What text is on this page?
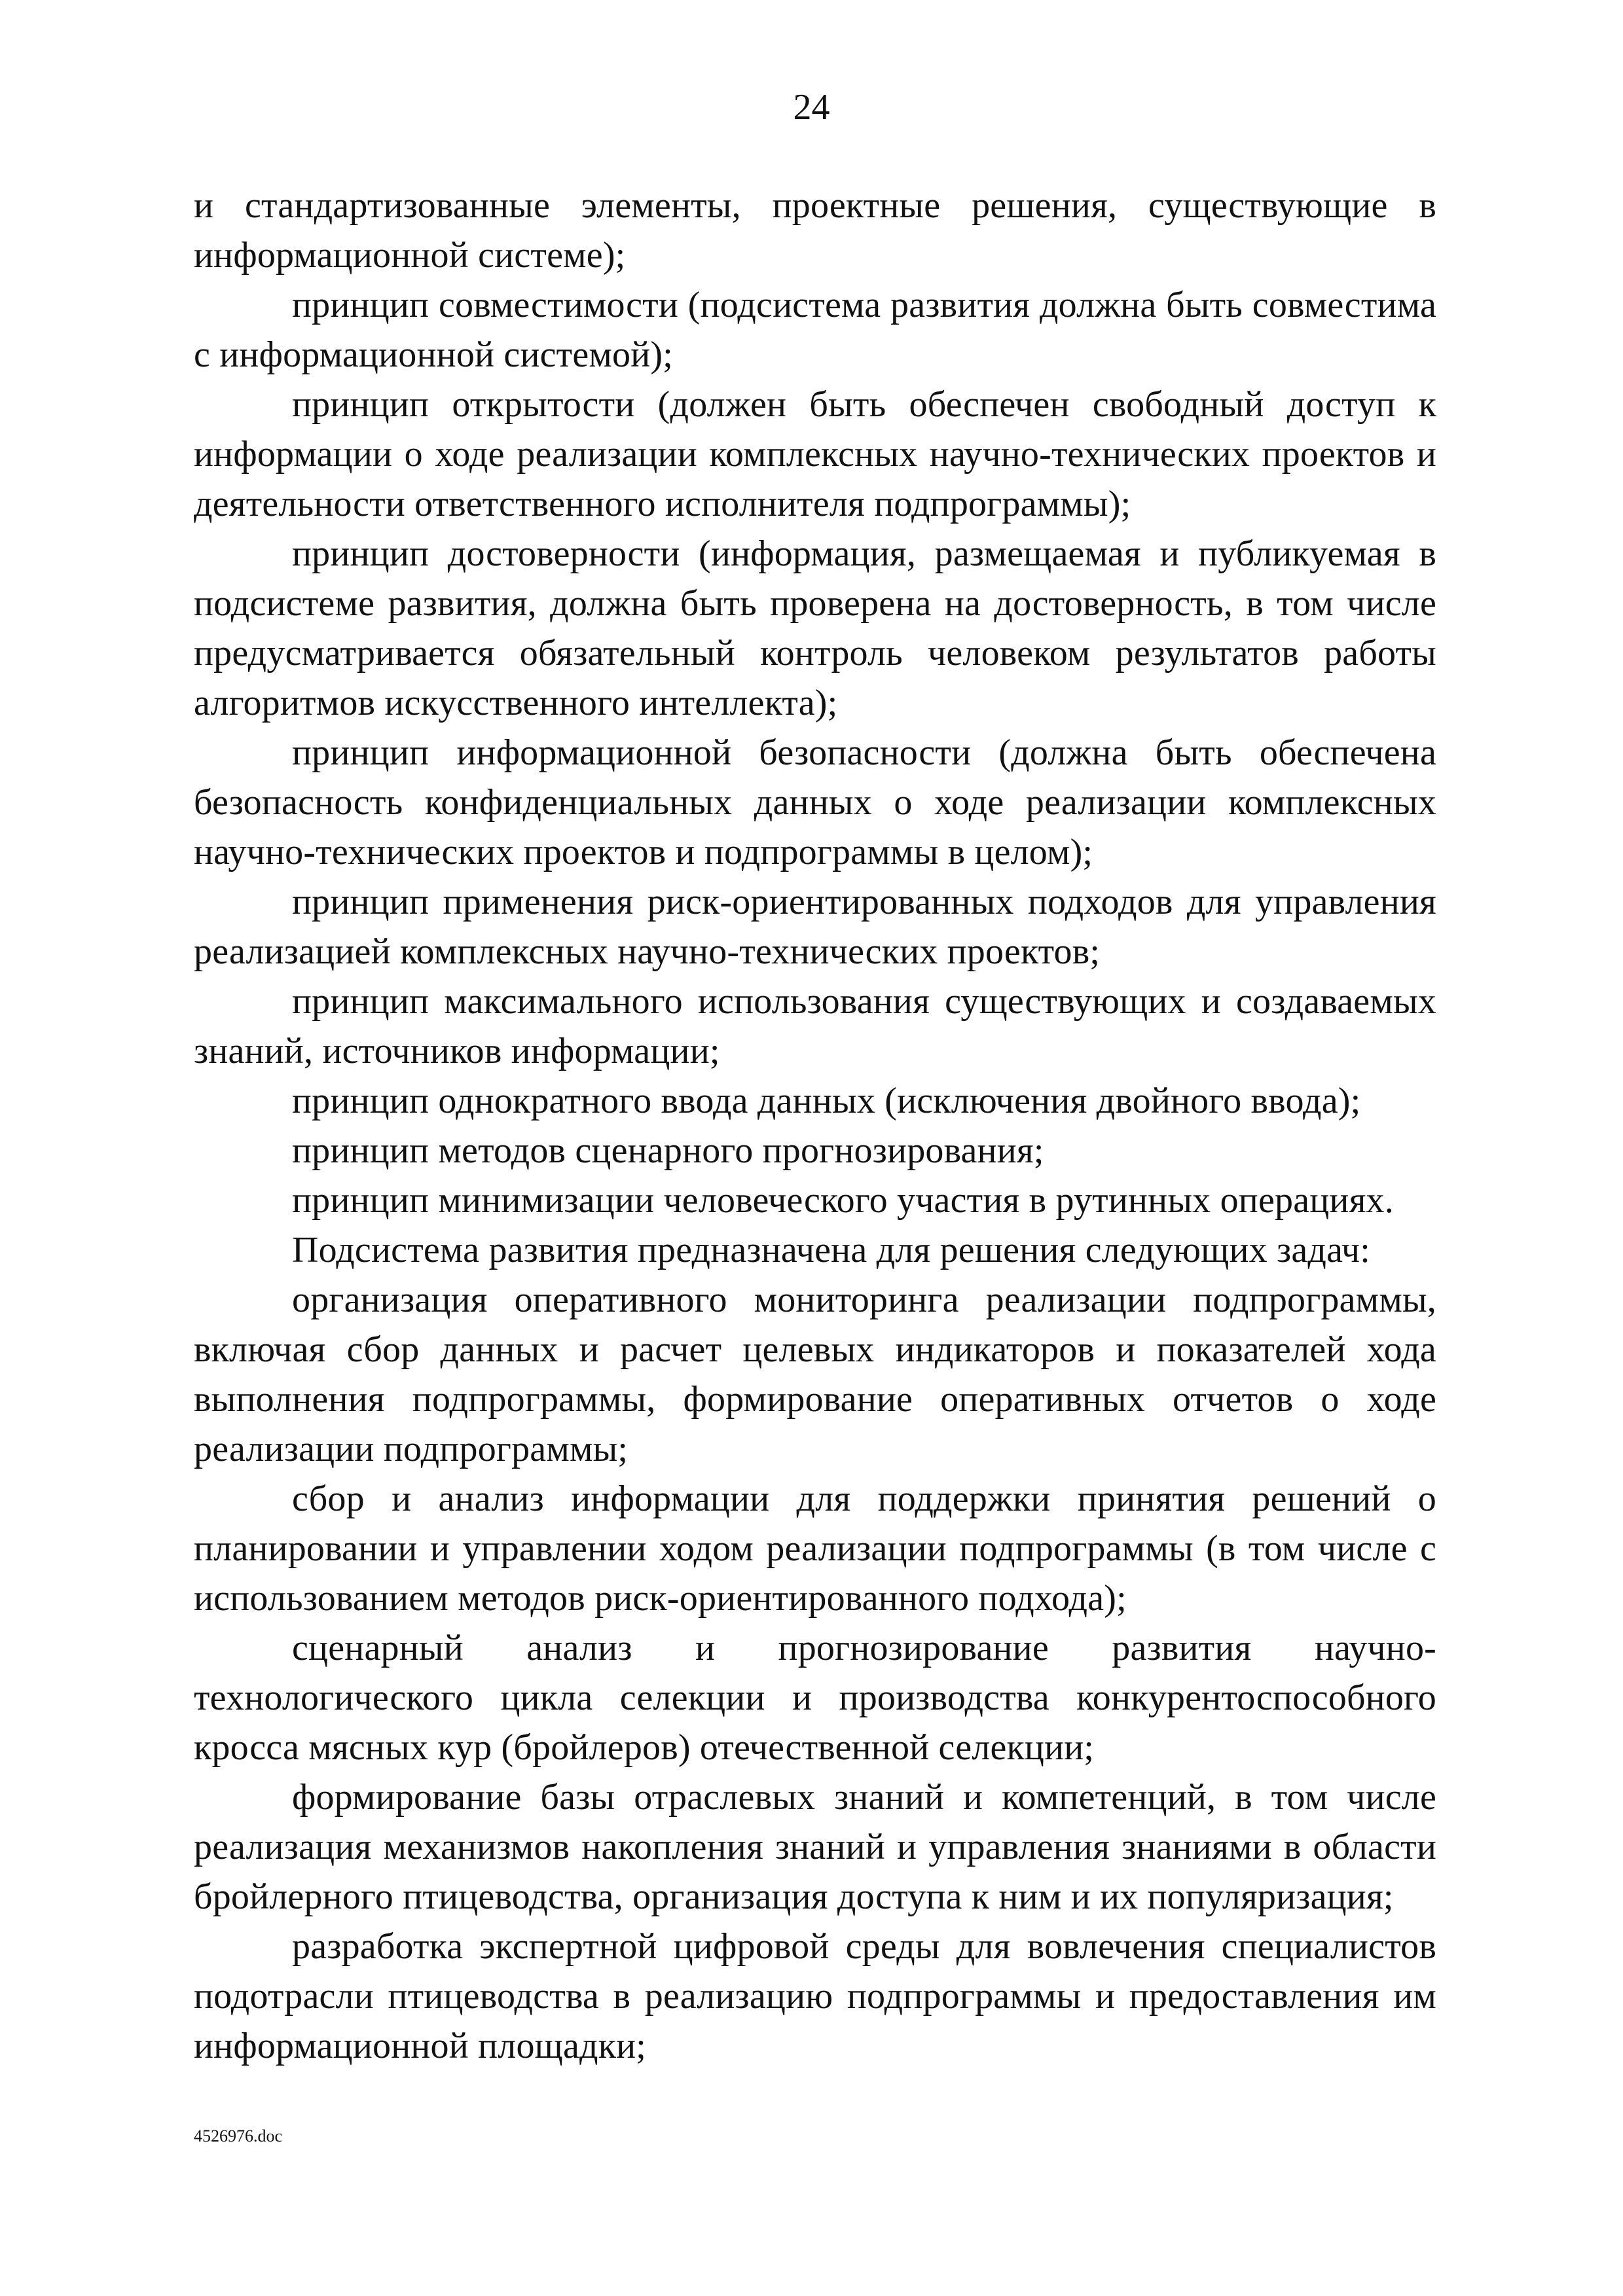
24

и стандартизованные элементы, проектные решения, существующие в информационной системе);

принцип совместимости (подсистема развития должна быть совместима с информационной системой);

принцип открытости (должен быть обеспечен свободный доступ к информации о ходе реализации комплексных научно-технических проектов и деятельности ответственного исполнителя подпрограммы);

принцип достоверности (информация, размещаемая и публикуемая в подсистеме развития, должна быть проверена на достоверность, в том числе предусматривается обязательный контроль человеком результатов работы алгоритмов искусственного интеллекта);

принцип информационной безопасности (должна быть обеспечена безопасность конфиденциальных данных о ходе реализации комплексных научно-технических проектов и подпрограммы в целом);

принцип применения риск-ориентированных подходов для управления реализацией комплексных научно-технических проектов;

принцип максимального использования существующих и создаваемых знаний, источников информации;

принцип однократного ввода данных (исключения двойного ввода);

принцип методов сценарного прогнозирования;

принцип минимизации человеческого участия в рутинных операциях.

Подсистема развития предназначена для решения следующих задач:

организация оперативного мониторинга реализации подпрограммы, включая сбор данных и расчет целевых индикаторов и показателей хода выполнения подпрограммы, формирование оперативных отчетов о ходе реализации подпрограммы;

сбор и анализ информации для поддержки принятия решений о планировании и управлении ходом реализации подпрограммы (в том числе с использованием методов риск-ориентированного подхода);

сценарный анализ и прогнозирование развития научно-технологического цикла селекции и производства конкурентоспособного кросса мясных кур (бройлеров) отечественной селекции;

формирование базы отраслевых знаний и компетенций, в том числе реализация механизмов накопления знаний и управления знаниями в области бройлерного птицеводства, организация доступа к ним и их популяризация;

разработка экспертной цифровой среды для вовлечения специалистов подотрасли птицеводства в реализацию подпрограммы и предоставления им информационной площадки;

4526976.doc
